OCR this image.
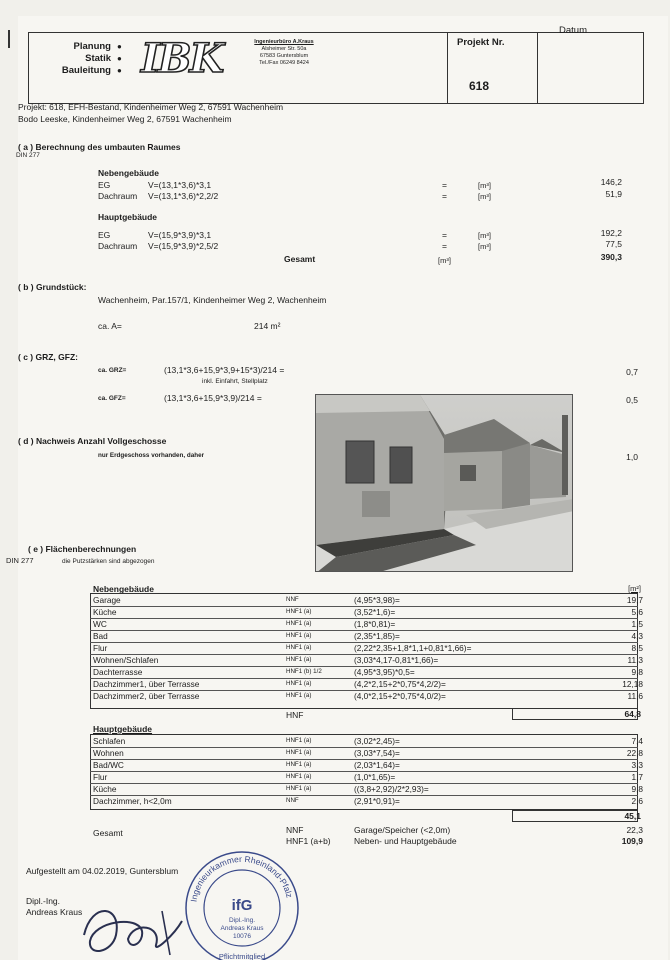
Planung
Statik
Bauleitung
●
●
● IBK	Ingenieurbüro A.Kraus
Alsheimer Str. 50a
67583 Guntersblum
Tel./Fax 06249 8424
Projekt Nr.
618
Datum
Projekt: 618, EFH-Bestand, Kindenheimer Weg 2, 67591 Wachenheim
Bodo Leeske, Kindenheimer Weg 2, 67591 Wachenheim
( a ) Berechnung des umbauten Raumes
DIN 277
Nebengebäude
EG	V=(13,1*3,6)*3,1	=	[m³]	146,2
Dachraum V=(13,1*3,6)*2,2/2	=	[m³]	51,9
Hauptgebäude
EG	V=(15,9*3,9)*3,1	=	[m³]	192,2
Dachraum V=(15,9*3,9)*2,5/2	=	[m³]	77,5
Gesamt	[m³]	390,3
( b ) Grundstück:
Wachenheim, Par.157/1, Kindenheimer Weg 2, Wachenheim
ca. A=	214 m²
( c ) GRZ, GFZ:
ca. GRZ=	(13,1*3,6+15,9*3,9+15*3)/214 =
inkl. Einfahrt, Stellplatz
0,7
ca. GFZ=	(13,1*3,6+15,9*3,9)/214 =	0,5
( d ) Nachweis Anzahl Vollgeschosse
nur Erdgeschoss vorhanden, daher	1,0
( e ) Flächenberechnungen
DIN 277	die Putzstärken sind abgezogen
Nebengebäude	[m²]
Garage	NNF	(4,95*3,98)=	19,7
Küche	HNF1 (a)	(3,52*1,6)=	5,6
WC	HNF1 (a)	(1,8*0,81)=	1,5
Bad	HNF1 (a)	(2,35*1,85)=	4,3
Flur	HNF1 (a)	(2,22*2,35+1,8*1,1+0,81*1,66)=	8,5
Wohnen/Schlafen	HNF1 (a)	(3,03*4,17-0,81*1,66)=	11,3
Dachterrasse	HNF1 (b) 1/2	(4,95*3,95)*0,5=	9,8
Dachzimmer1, über Terrasse	HNF1 (a)	(4,2*2,15+2*0,75*4,2/2)=	12,18
Dachzimmer2, über Terrasse	HNF1 (a)	(4,0*2,15+2*0,75*4,0/2)=	11,6
HNF	64,8
Hauptgebäude
Schlafen	HNF1 (a)	(3,02*2,45)=	7,4
Wohnen	HNF1 (a)	(3,03*7,54)=	22,8
Bad/WC	HNF1 (a)	(2,03*1,64)=	3,3
Flur	HNF1 (a)	(1,0*1,65)=	1,7
Küche	HNF1 (a)	((3,8+2,92)/2*2,93)=	9,8
Dachzimmer, h<2,0m	NNF	(2,91*0,91)=	2,6
45,1
Gesamt	NNF	Garage/Speicher (<2,0m)	22,3
HNF1 (a+b)	Neben- und Hauptgebäude	109,9
Aufgestellt am 04.02.2019, Guntersblum
Dipl.-Ing.
Andreas Kraus
Ingenieurkammer Rheinland-Pfalz
ifG
Dipl.-Ing.
Andreas Kraus
10076
Pflichtmitglied
